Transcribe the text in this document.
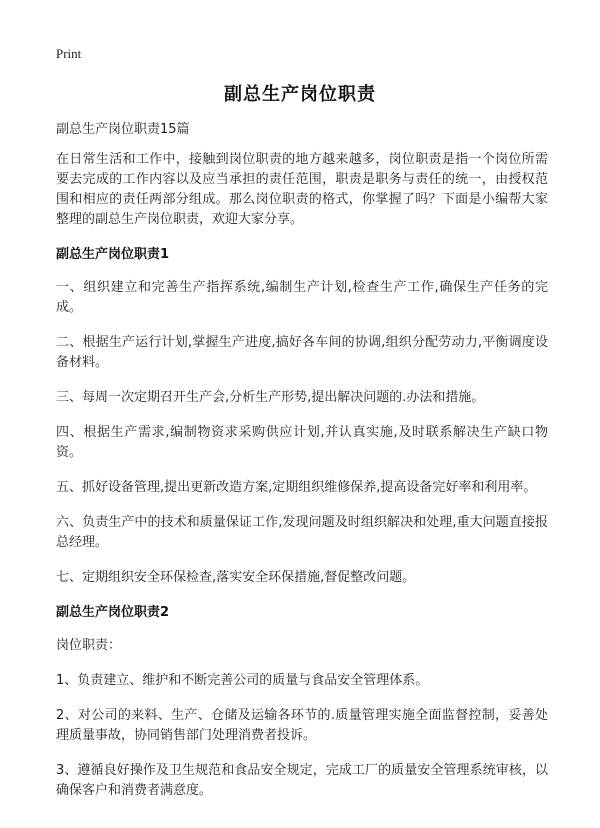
Print
副总生产岗位职责
副总生产岗位职责15篇
在日常生活和工作中，接触到岗位职责的地方越来越多，岗位职责是指一个岗位所需要去完成的工作内容以及应当承担的责任范围，职责是职务与责任的统一，由授权范围和相应的责任两部分组成。那么岗位职责的格式，你掌握了吗？下面是小编帮大家整理的副总生产岗位职责，欢迎大家分享。
副总生产岗位职责1
一、组织建立和完善生产指挥系统,编制生产计划,检查生产工作,确保生产任务的完成。
二、根据生产运行计划,掌握生产进度,搞好各车间的协调,组织分配劳动力,平衡调度设备材料。
三、每周一次定期召开生产会,分析生产形势,提出解决问题的.办法和措施。
四、根据生产需求,编制物资求采购供应计划,并认真实施,及时联系解决生产缺口物资。
五、抓好设备管理,提出更新改造方案,定期组织维修保养,提高设备完好率和利用率。
六、负责生产中的技术和质量保证工作,发现问题及时组织解决和处理,重大问题直接报总经理。
七、定期组织安全环保检查,落实安全环保措施,督促整改问题。
副总生产岗位职责2
岗位职责：
1、负责建立、维护和不断完善公司的质量与食品安全管理体系。
2、对公司的来料、生产、仓储及运输各环节的.质量管理实施全面监督控制，妥善处理质量事故，协同销售部门处理消费者投诉。
3、遵循良好操作及卫生规范和食品安全规定，完成工厂的质量安全管理系统审核，以确保客户和消费者满意度。
